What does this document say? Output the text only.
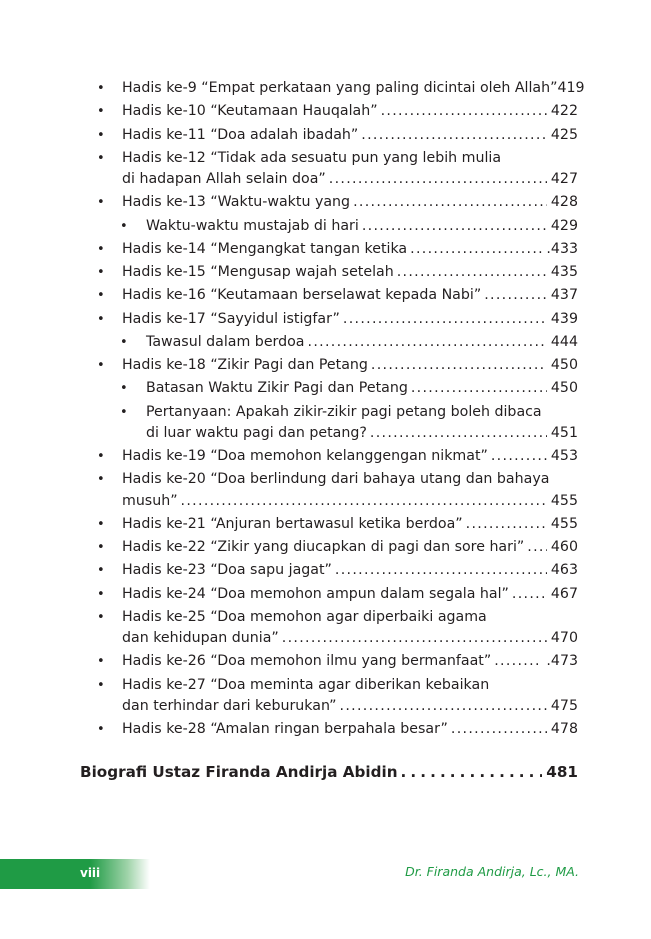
• Hadis ke-9 “Empat perkataan yang paling dicintai oleh Allah” 419
• Hadis ke-10 “Keutamaan Hauqalah” . . .	422
• Hadis ke-11 “Doa adalah ibadah” . . .	425
• Hadis ke-12 “Tidak ada sesuatu pun yang lebih mulia
di hadapan Allah selain doa” . . .	427
• Hadis ke-13 “Waktu-waktu yang . . .	428
• Waktu-waktu mustajab di hari . . .	429
• Hadis ke-14 “Mengangkat tangan ketika . . .	.433
• Hadis ke-15 “Mengusap wajah setelah . . .	435
• Hadis ke-16 “Keutamaan berselawat kepada Nabi” . . .	437
• Hadis ke-17 “Sayyidul istigfar” . . .	439
• Tawasul dalam berdoa . . .	444
• Hadis ke-18 “Zikir Pagi dan Petang . . .	450
• Batasan Waktu Zikir Pagi dan Petang . . .	450
• Pertanyaan: Apakah zikir-zikir pagi petang boleh dibaca
di luar waktu pagi dan petang? . . .	451
• Hadis ke-19 “Doa memohon kelanggengan nikmat” . . .	453
• Hadis ke-20 “Doa berlindung dari bahaya utang dan bahaya
musuh” . . .	455
• Hadis ke-21 “Anjuran bertawasul ketika berdoa” . . .	455
• Hadis ke-22 “Zikir yang diucapkan di pagi dan sore hari” . . . 460
• Hadis ke-23 “Doa sapu jagat” . . .	463
• Hadis ke-24 “Doa memohon ampun dalam segala hal” . . .	467
• Hadis ke-25 “Doa memohon agar diperbaiki agama
dan kehidupan dunia” . . .	470
• Hadis ke-26 “Doa memohon ilmu yang bermanfaat” . . .	.473
• Hadis ke-27 “Doa meminta agar diberikan kebaikan
dan terhindar dari keburukan” . . .	475
• Hadis ke-28 “Amalan ringan berpahala besar” . . .	478
Biografi Ustaz Firanda Andirja Abidin . . .	481
viii	Dr. Firanda Andirja, Lc., MA.
